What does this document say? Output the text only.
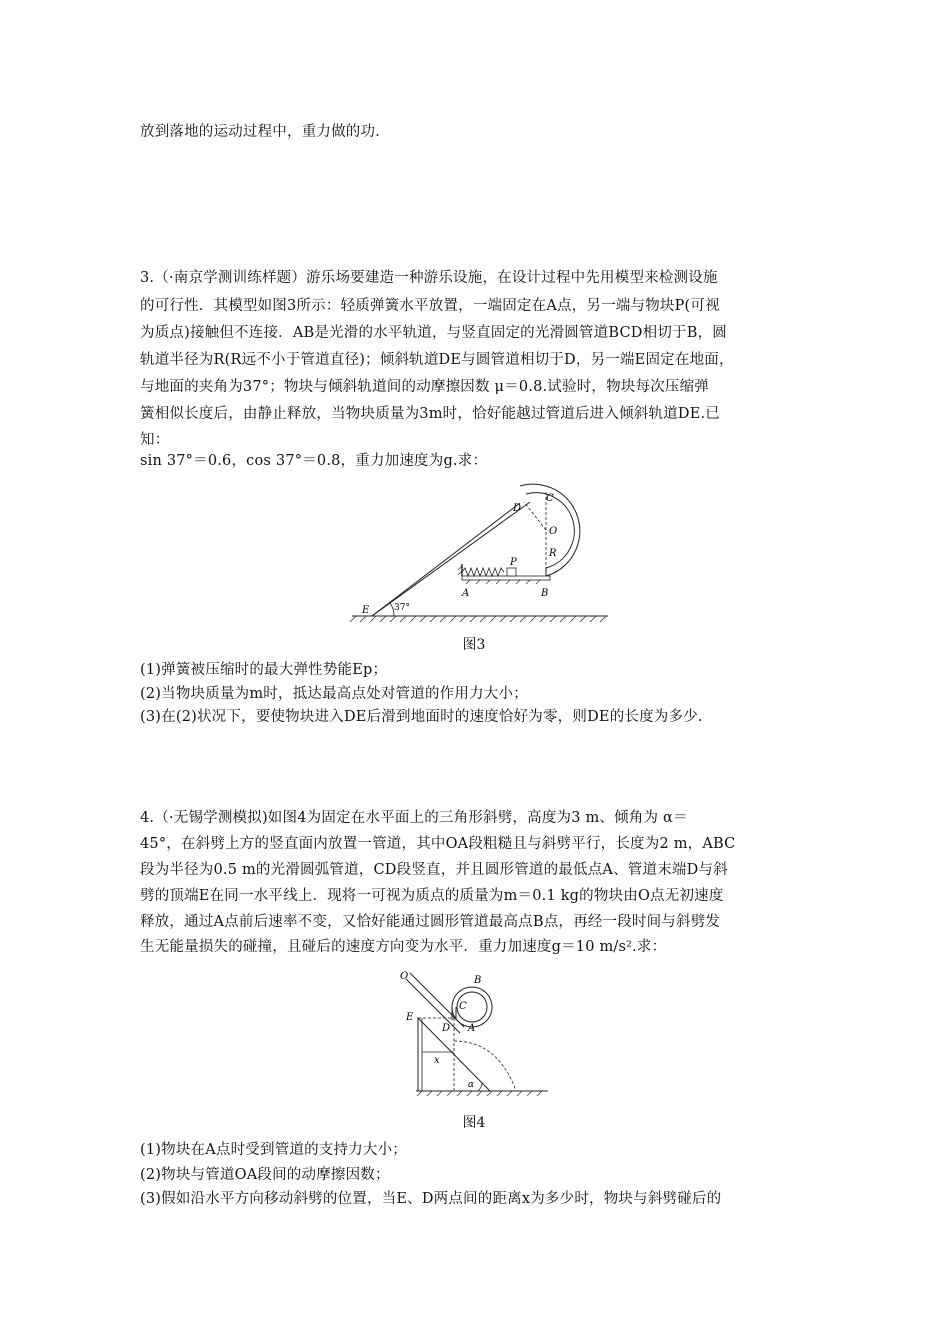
放到落地的运动过程中，重力做的功.
3.（·南京学测训练样题）游乐场要建造一种游乐设施，在设计过程中先用模型来检测设施
的可行性．其模型如图3所示：轻质弹簧水平放置，一端固定在A点，另一端与物块P(可视
为质点)接触但不连接．AB是光滑的水平轨道，与竖直固定的光滑圆管道BCD相切于B，圆
轨道半径为R(R远不小于管道直径)；倾斜轨道DE与圆管道相切于D，另一端E固定在地面，
与地面的夹角为37°；物块与倾斜轨道间的动摩擦因数 μ＝0.8.试验时，物块每次压缩弹
簧相似长度后，由静止释放，当物块质量为3m时，恰好能越过管道后进入倾斜轨道DE.已
知：
sin 37°＝0.6，cos 37°＝0.8，重力加速度为g.求：
C
D
O
R
P
A	B
E	37°
图3
(1)弹簧被压缩时的最大弹性势能Ep；
(2)当物块质量为m时，抵达最高点处对管道的作用力大小；
(3)在(2)状况下，要使物块进入DE后滑到地面时的速度恰好为零，则DE的长度为多少.
4.（·无锡学测模拟)如图4为固定在水平面上的三角形斜劈，高度为3 m、倾角为 α＝
45°，在斜劈上方的竖直面内放置一管道，其中OA段粗糙且与斜劈平行，长度为2 m，ABC
段为半径为0.5 m的光滑圆弧管道，CD段竖直，并且圆形管道的最低点A、管道末端D与斜
劈的顶端E在同一水平线上．现将一可视为质点的质量为m＝0.1 kg的物块由O点无初速度
释放，通过A点前后速率不变，又恰好能通过圆形管道最高点B点，再经一段时间与斜劈发
生无能量损失的碰撞，且碰后的速度方向变为水平．重力加速度g＝10 m/s².求：
O	B
C
E
D A
x
α
图4
(1)物块在A点时受到管道的支持力大小；
(2)物块与管道OA段间的动摩擦因数；
(3)假如沿水平方向移动斜劈的位置，当E、D两点间的距离x为多少时，物块与斜劈碰后的
